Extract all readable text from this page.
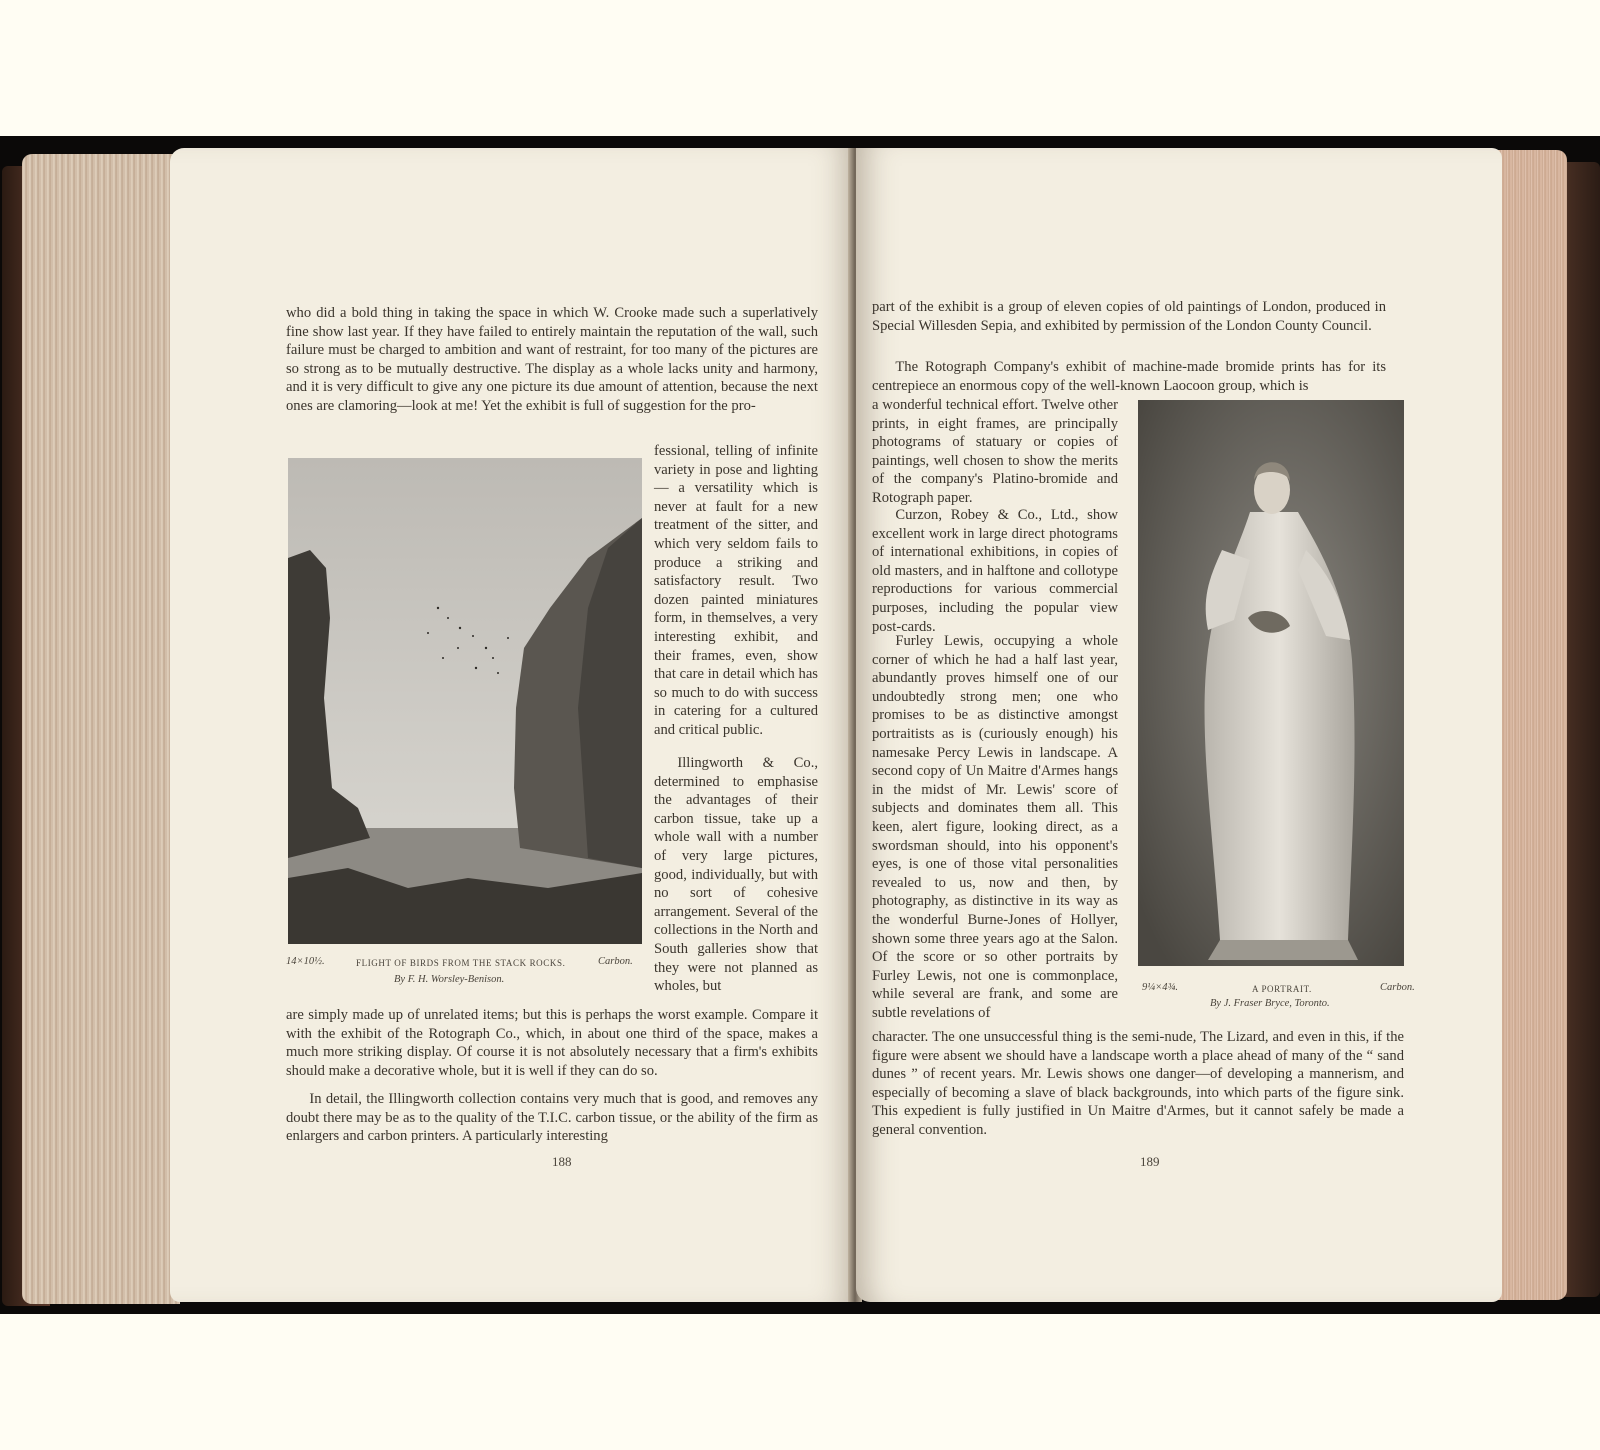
who did a bold thing in taking the space in which W. Crooke made such a superlatively fine show last year. If they have failed to entirely maintain the reputation of the wall, such failure must be charged to ambition and want of restraint, for too many of the pictures are so strong as to be mutually destructive. The display as a whole lacks unity and harmony, and it is very difficult to give any one picture its due amount of attention, because the next ones are clamoring—look at me! Yet the exhibit is full of suggestion for the pro-
14×10½.	FLIGHT OF BIRDS FROM THE STACK ROCKS.	Carbon.
By F. H. Worsley-Benison.
fessional, telling of infinite variety in pose and lighting — a versatility which is never at fault for a new treatment of the sitter, and which very seldom fails to produce a striking and satisfactory result. Two dozen painted miniatures form, in themselves, a very interesting exhibit, and their frames, even, show that care in detail which has so much to do with success in catering for a cultured and critical public.
Illingworth & Co., determined to emphasise the advantages of their carbon tissue, take up a whole wall with a number of very large pictures, good, individually, but with no sort of cohesive arrangement. Several of the collections in the North and South galleries show that they were not planned as wholes, but
are simply made up of unrelated items; but this is perhaps the worst example. Compare it with the exhibit of the Rotograph Co., which, in about one third of the space, makes a much more striking display. Of course it is not absolutely necessary that a firm's exhibits should make a decorative whole, but it is well if they can do so.
In detail, the Illingworth collection contains very much that is good, and removes any doubt there may be as to the quality of the T.I.C. carbon tissue, or the ability of the firm as enlargers and carbon printers. A particularly interesting
188
part of the exhibit is a group of eleven copies of old paintings of London, produced in Special Willesden Sepia, and exhibited by permission of the London County Council.
The Rotograph Company's exhibit of machine-made bromide prints has for its centrepiece an enormous copy of the well-known Laocoon group, which is
a wonderful technical effort. Twelve other prints, in eight frames, are principally photograms of statuary or copies of paintings, well chosen to show the merits of the company's Platino-bromide and Rotograph paper.
Curzon, Robey & Co., Ltd., show excellent work in large direct photograms of international exhibitions, in copies of old masters, and in halftone and collotype reproductions for various commercial purposes, including the popular view post-cards.
Furley Lewis, occupying a whole corner of which he had a half last year, abundantly proves himself one of our undoubtedly strong men; one who promises to be as distinctive amongst portraitists as is (curiously enough) his namesake Percy Lewis in landscape. A second copy of Un Maitre d'Armes hangs in the midst of Mr. Lewis' score of subjects and dominates them all. This keen, alert figure, looking direct, as a swordsman should, into his opponent's eyes, is one of those vital personalities revealed to us, now and then, by photography, as distinctive in its way as the wonderful Burne-Jones of Hollyer, shown some three years ago at the Salon. Of the score or so other portraits by Furley Lewis, not one is commonplace, while several are frank, and some are subtle revelations of
9¼×4¾.	A PORTRAIT.	Carbon.
By J. Fraser Bryce, Toronto.
character. The one unsuccessful thing is the semi-nude, The Lizard, and even in this, if the figure were absent we should have a landscape worth a place ahead of many of the “ sand dunes ” of recent years. Mr. Lewis shows one danger—of developing a mannerism, and especially of becoming a slave of black backgrounds, into which parts of the figure sink. This expedient is fully justified in Un Maitre d'Armes, but it cannot safely be made a general convention.
189
